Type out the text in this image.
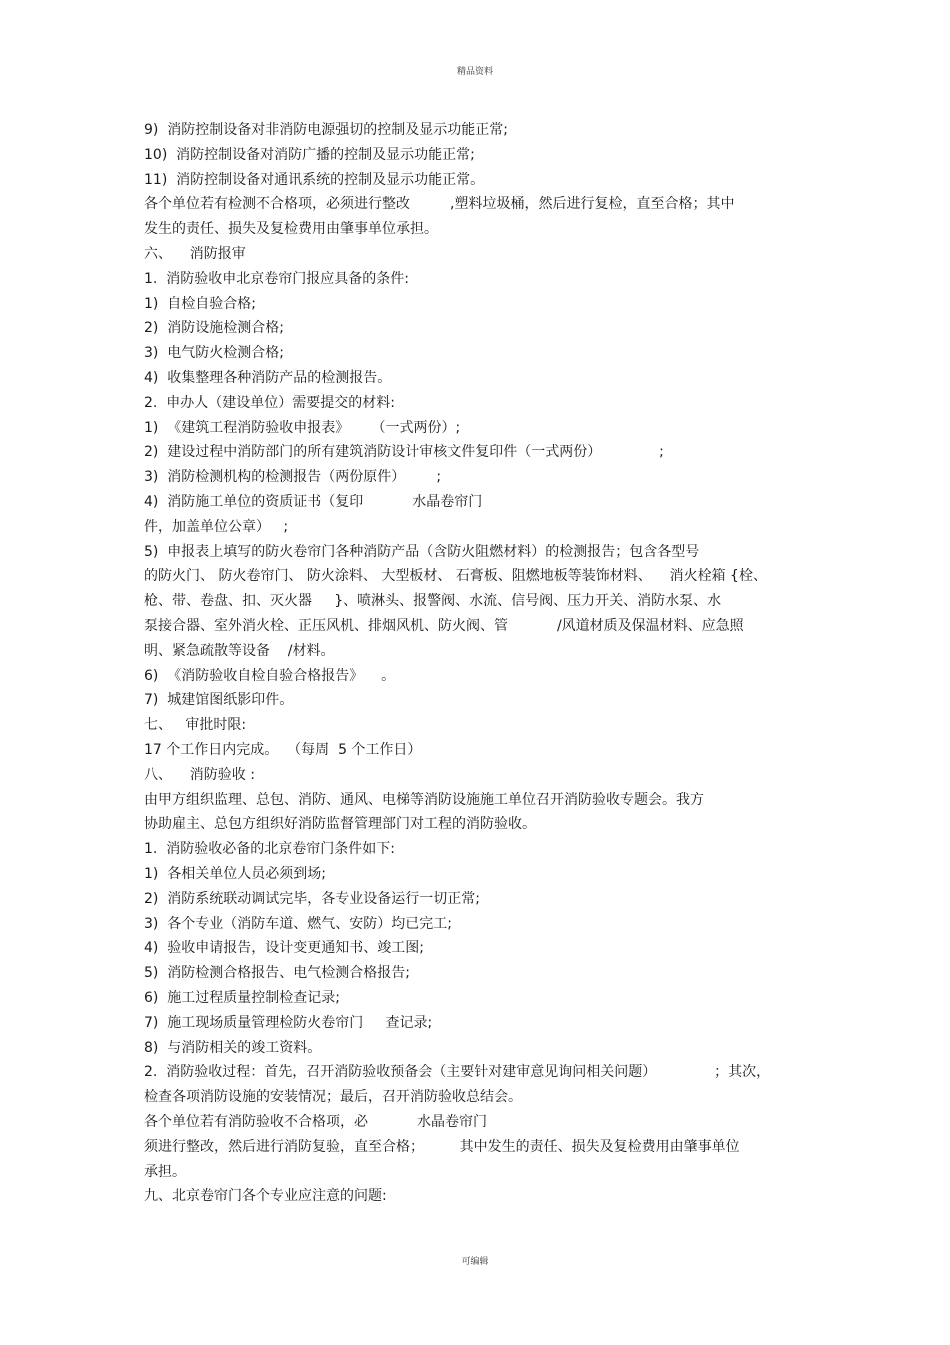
精品资料
9)  消防控制设备对非消防电源强切的控制及显示功能正常;
10)  消防控制设备对消防广播的控制及显示功能正常;
11)  消防控制设备对通讯系统的控制及显示功能正常。
各个单位若有检测不合格项，必须进行整改         ,塑料垃圾桶，然后进行复检，直至合格；其中
发生的责任、损失及复检费用由肇事单位承担。
六、    消防报审
1.  消防验收申北京卷帘门报应具备的条件:
1)  自检自验合格;
2)  消防设施检测合格;
3)  电气防火检测合格;
4)  收集整理各种消防产品的检测报告。
2.  申办人（建设单位）需要提交的材料:
1)  《建筑工程消防验收申报表》     （一式两份）;
2)  建设过程中消防部门的所有建筑消防设计审核文件复印件（一式两份）             ;
3)  消防检测机构的检测报告（两份原件）       ;
4)  消防施工单位的资质证书（复印           水晶卷帘门
件，加盖单位公章）   ;
5)  申报表上填写的防火卷帘门各种消防产品（含防火阻燃材料）的检测报告；包含各型号
的防火门、 防火卷帘门、 防火涂料、 大型板材、 石膏板、阻燃地板等装饰材料、    消火栓箱 {栓、
枪、带、卷盘、扣、灭火器     }、喷淋头、报警阀、水流、信号阀、压力开关、消防水泵、水
泵接合器、室外消火栓、正压风机、排烟风机、防火阀、管           /风道材质及保温材料、应急照
明、紧急疏散等设备    /材料。
6)  《消防验收自检自验合格报告》    。
7)  城建馆图纸影印件。
七、   审批时限:
17 个工作日内完成。  （每周  5 个工作日）
八、    消防验收 :
由甲方组织监理、总包、消防、通风、电梯等消防设施施工单位召开消防验收专题会。我方
协助雇主、总包方组织好消防监督管理部门对工程的消防验收。
1.  消防验收必备的北京卷帘门条件如下:
1)  各相关单位人员必须到场;
2)  消防系统联动调试完毕，各专业设备运行一切正常;
3)  各个专业（消防车道、燃气、安防）均已完工;
4)  验收申请报告，设计变更通知书、竣工图;
5)  消防检测合格报告、电气检测合格报告;
6)  施工过程质量控制检查记录;
7)  施工现场质量管理检防火卷帘门     查记录;
8)  与消防相关的竣工资料。
2.  消防验收过程：首先，召开消防验收预备会（主要针对建审意见询问相关问题）             ；其次，
检查各项消防设施的安装情况；最后，召开消防验收总结会。
各个单位若有消防验收不合格项，必           水晶卷帘门
须进行整改，然后进行消防复验，直至合格；        其中发生的责任、损失及复检费用由肇事单位
承担。
九、北京卷帘门各个专业应注意的问题:
可编辑
